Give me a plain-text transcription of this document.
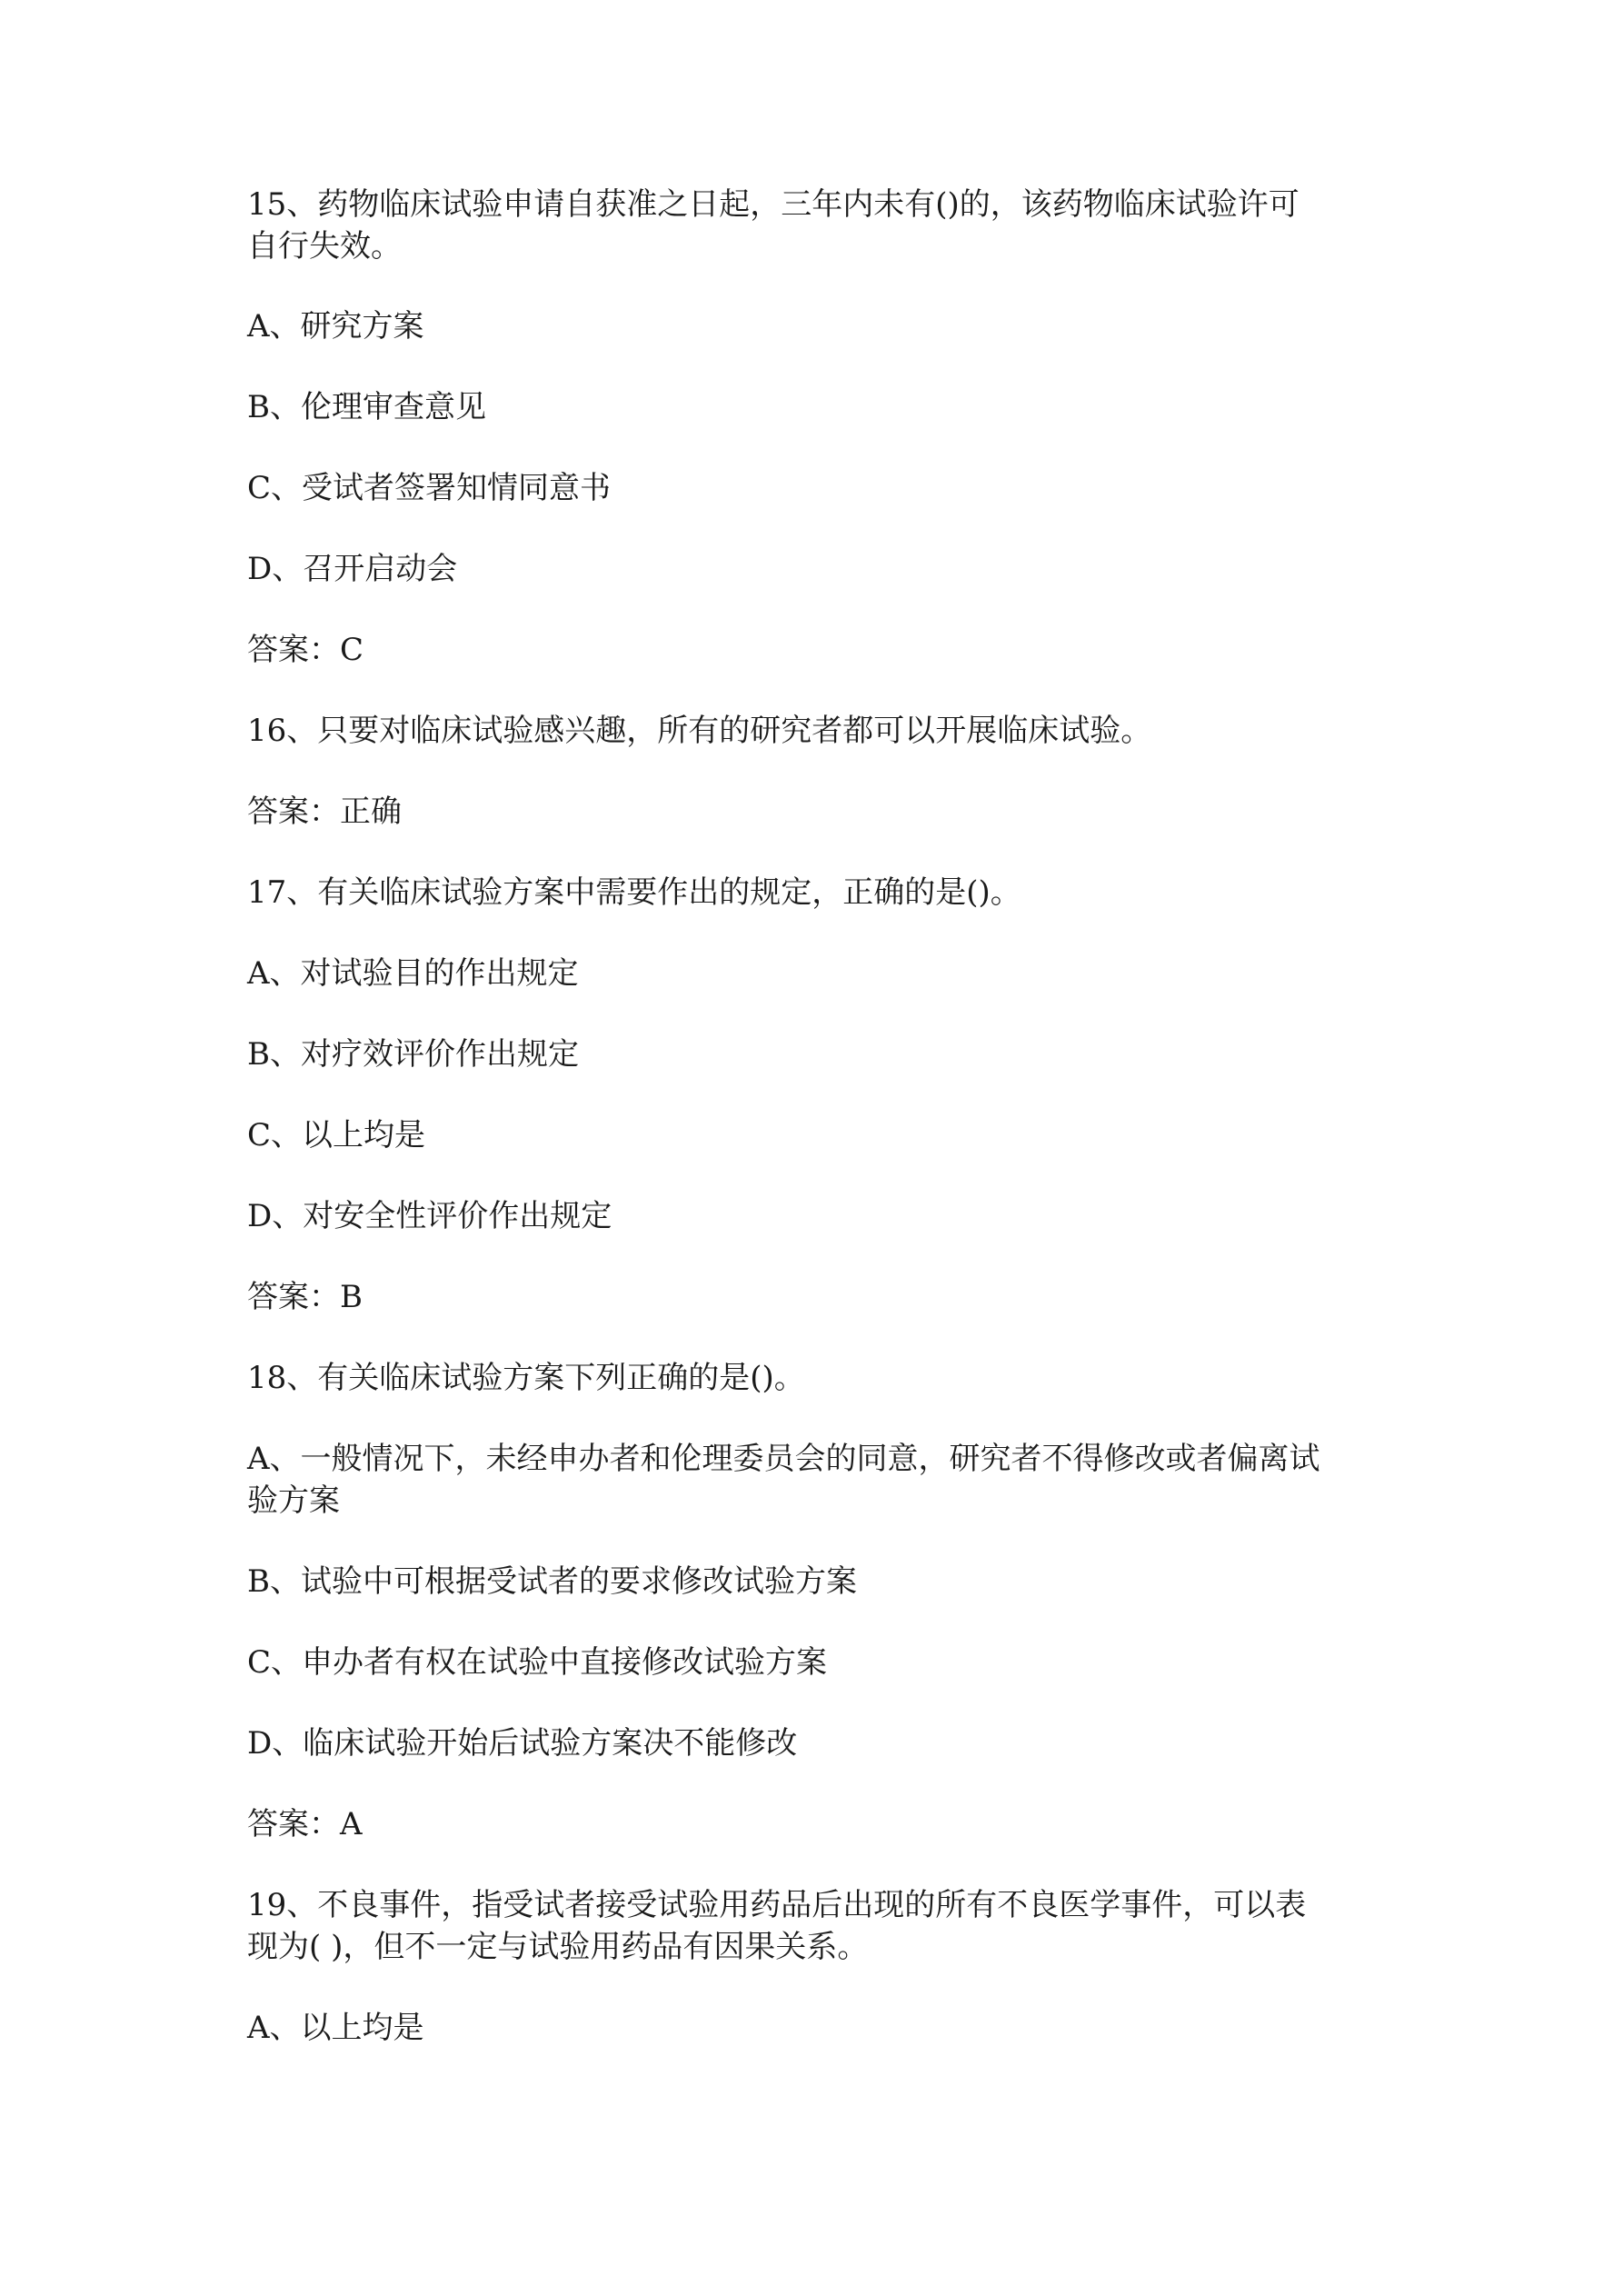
15、药物临床试验申请自获准之日起，三年内未有()的，该药物临床试验许可

自行失效。

A、研究方案

B、伦理审查意见

C、受试者签署知情同意书

D、召开启动会

答案：C

16、只要对临床试验感兴趣，所有的研究者都可以开展临床试验。

答案：正确

17、有关临床试验方案中需要作出的规定，正确的是()。

A、对试验目的作出规定

B、对疗效评价作出规定

C、以上均是

D、对安全性评价作出规定

答案：B

18、有关临床试验方案下列正确的是()。

A、一般情况下，未经申办者和伦理委员会的同意，研究者不得修改或者偏离试

验方案

B、试验中可根据受试者的要求修改试验方案

C、申办者有权在试验中直接修改试验方案

D、临床试验开始后试验方案决不能修改

答案：A

19、不良事件，指受试者接受试验用药品后出现的所有不良医学事件，可以表

现为( )，但不一定与试验用药品有因果关系。

A、以上均是
